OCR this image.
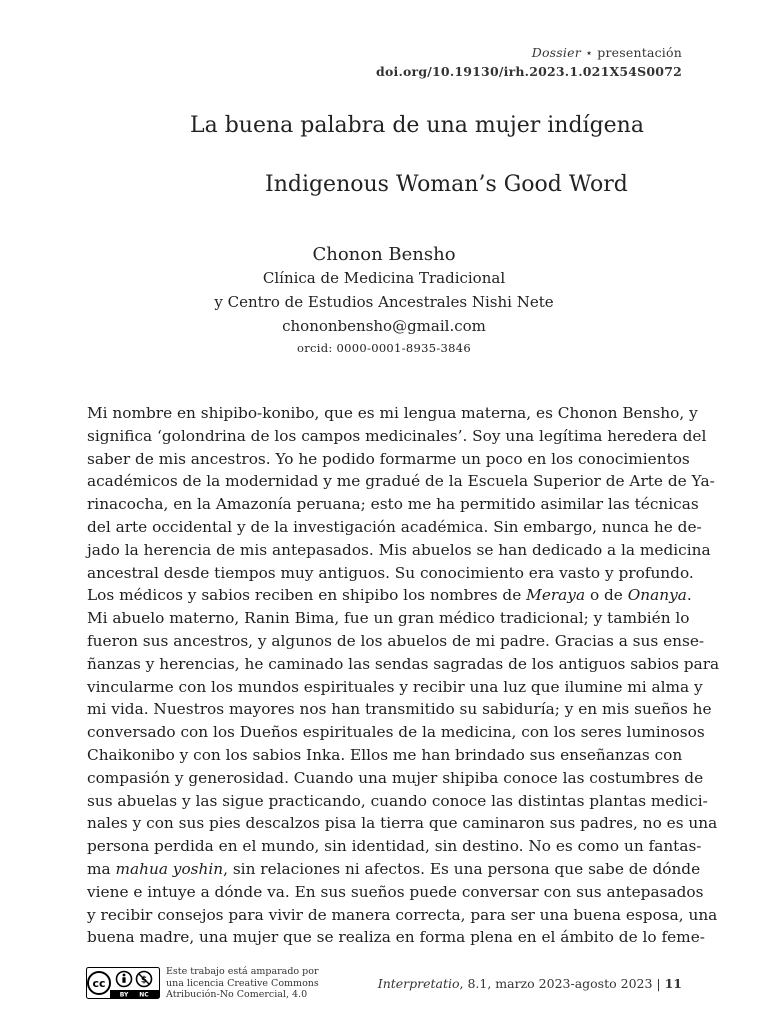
Dossier ⋆ presentación
doi.org/10.19130/irh.2023.1.021X54S0072
La buena palabra de una mujer indígena
Indigenous Woman’s Good Word
Chonon Bensho
Clínica de Medicina Tradicional
y Centro de Estudios Ancestrales Nishi Nete
chononbensho@gmail.com
orcid: 0000-0001-8935-3846
Mi nombre en shipibo-konibo, que es mi lengua materna, es Chonon Bensho, y
significa ‘golondrina de los campos medicinales’. Soy una legítima heredera del
saber de mis ancestros. Yo he podido formarme un poco en los conocimientos
académicos de la modernidad y me gradué de la Escuela Superior de Arte de Ya-
rinacocha, en la Amazonía peruana; esto me ha permitido asimilar las técnicas
del arte occidental y de la investigación académica. Sin embargo, nunca he de-
jado la herencia de mis antepasados. Mis abuelos se han dedicado a la medicina
ancestral desde tiempos muy antiguos. Su conocimiento era vasto y profundo.
Los médicos y sabios reciben en shipibo los nombres de Meraya o de Onanya.
Mi abuelo materno, Ranin Bima, fue un gran médico tradicional; y también lo
fueron sus ancestros, y algunos de los abuelos de mi padre. Gracias a sus ense-
ñanzas y herencias, he caminado las sendas sagradas de los antiguos sabios para
vincularme con los mundos espirituales y recibir una luz que ilumine mi alma y
mi vida. Nuestros mayores nos han transmitido su sabiduría; y en mis sueños he
conversado con los Dueños espirituales de la medicina, con los seres luminosos
Chaikonibo y con los sabios Inka. Ellos me han brindado sus enseñanzas con
compasión y generosidad. Cuando una mujer shipiba conoce las costumbres de
sus abuelas y las sigue practicando, cuando conoce las distintas plantas medici-
nales y con sus pies descalzos pisa la tierra que caminaron sus padres, no es una
persona perdida en el mundo, sin identidad, sin destino. No es como un fantas-
ma mahua yoshin, sin relaciones ni afectos. Es una persona que sabe de dónde
viene e intuye a dónde va. En sus sueños puede conversar con sus antepasados
y recibir consejos para vivir de manera correcta, para ser una buena esposa, una
buena madre, una mujer que se realiza en forma plena en el ámbito de lo feme-
cc	$
BY NC
Este trabajo está amparado por
una licencia Creative Commons
Atribución-No Comercial, 4.0
Interpretatio, 8.1, marzo 2023-agosto 2023 | 11
